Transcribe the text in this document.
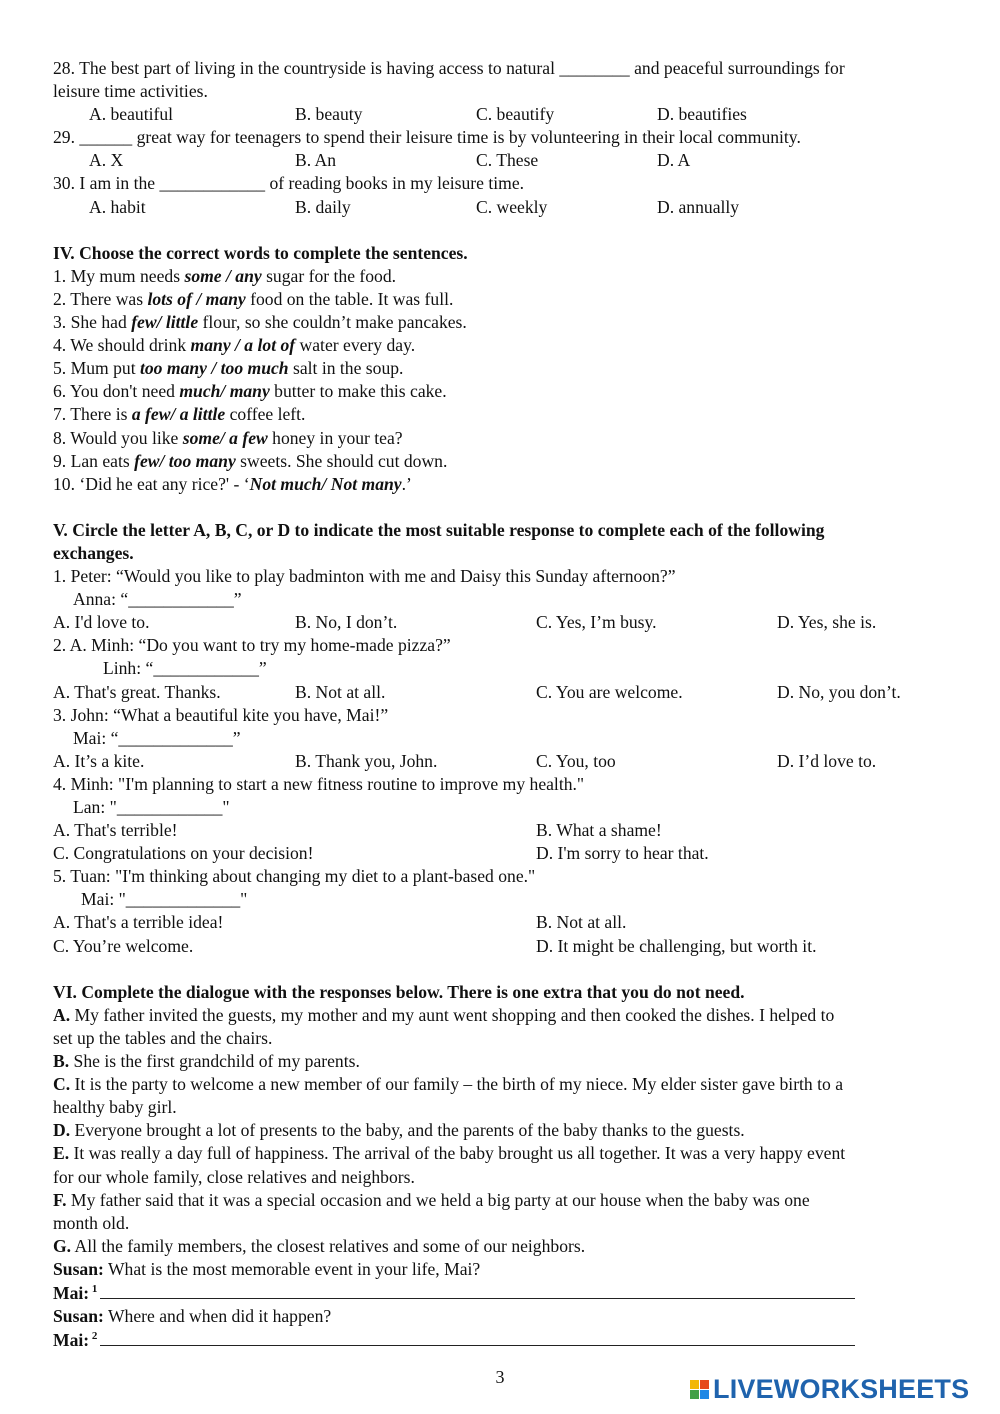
28. The best part of living in the countryside is having access to natural ________ and peaceful surroundings for
leisure time activities.
A. beautiful	B. beauty	C. beautify	D. beautifies
29. ______ great way for teenagers to spend their leisure time is by volunteering in their local community.
A. X	B. An	C. These	D. A
30. I am in the ____________ of reading books in my leisure time.
A. habit	B. daily	C. weekly	D. annually
IV. Choose the correct words to complete the sentences.
1. My mum needs some / any sugar for the food.
2. There was lots of / many food on the table. It was full.
3. She had few/ little flour, so she couldn’t make pancakes.
4. We should drink many / a lot of water every day.
5. Mum put too many / too much salt in the soup.
6. You don't need much/ many butter to make this cake.
7. There is a few/ a little coffee left.
8. Would you like some/ a few honey in your tea?
9. Lan eats few/ too many sweets. She should cut down.
10. ‘Did he eat any rice?' - ‘Not much/ Not many.’
V. Circle the letter A, B, C, or D to indicate the most suitable response to complete each of the following
exchanges.
1. Peter: “Would you like to play badminton with me and Daisy this Sunday afternoon?”
Anna: “____________”
A. I'd love to.	B. No, I don’t.	C. Yes, I’m busy.	D. Yes, she is.
2. A. Minh: “Do you want to try my home-made pizza?”
Linh: “____________”
A. That's great. Thanks.	B. Not at all.	C. You are welcome.	D. No, you don’t.
3. John: “What a beautiful kite you have, Mai!”
Mai: “_____________”
A. It’s a kite.	B. Thank you, John.	C. You, too	D. I’d love to.
4. Minh: "I'm planning to start a new fitness routine to improve my health."
Lan: "____________"
A. That's terrible!	B. What a shame!
C. Congratulations on your decision!	D. I'm sorry to hear that.
5. Tuan: "I'm thinking about changing my diet to a plant-based one."
Mai: "_____________"
A. That's a terrible idea!	B. Not at all.
C. You’re welcome.	D. It might be challenging, but worth it.
VI. Complete the dialogue with the responses below. There is one extra that you do not need.
A. My father invited the guests, my mother and my aunt went shopping and then cooked the dishes. I helped to
set up the tables and the chairs.
B. She is the first grandchild of my parents.
C. It is the party to welcome a new member of our family – the birth of my niece. My elder sister gave birth to a
healthy baby girl.
D. Everyone brought a lot of presents to the baby, and the parents of the baby thanks to the guests.
E. It was really a day full of happiness. The arrival of the baby brought us all together. It was a very happy event
for our whole family, close relatives and neighbors.
F. My father said that it was a special occasion and we held a big party at our house when the baby was one
month old.
G. All the family members, the closest relatives and some of our neighbors.
Susan: What is the most memorable event in your life, Mai?
Mai: $^1$
Susan: Where and when did it happen?
Mai: $^2$
3	LIVEWORKSHEETS
